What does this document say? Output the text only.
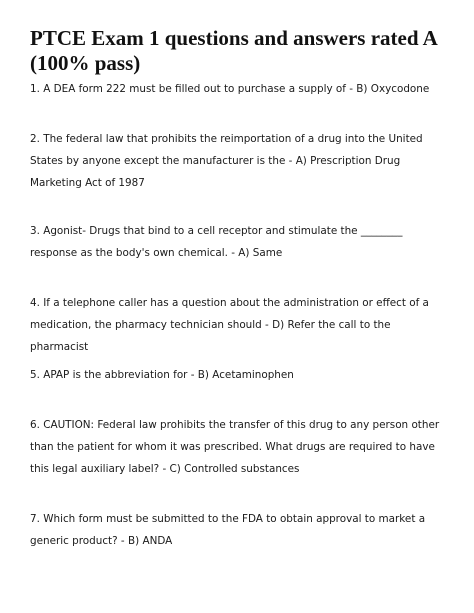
PTCE Exam 1 questions and answers rated A (100% pass)

1. A DEA form 222 must be filled out to purchase a supply of - B) Oxycodone

2. The federal law that prohibits the reimportation of a drug into the United States by anyone except the manufacturer is the - A) Prescription Drug Marketing Act of 1987

3. Agonist- Drugs that bind to a cell receptor and stimulate the ________ response as the body's own chemical. - A) Same

4. If a telephone caller has a question about the administration or effect of a medication, the pharmacy technician should - D) Refer the call to the pharmacist

5. APAP is the abbreviation for - B) Acetaminophen

6. CAUTION: Federal law prohibits the transfer of this drug to any person other than the patient for whom it was prescribed. What drugs are required to have this legal auxiliary label? - C) Controlled substances

7. Which form must be submitted to the FDA to obtain approval to market a generic product? - B) ANDA
